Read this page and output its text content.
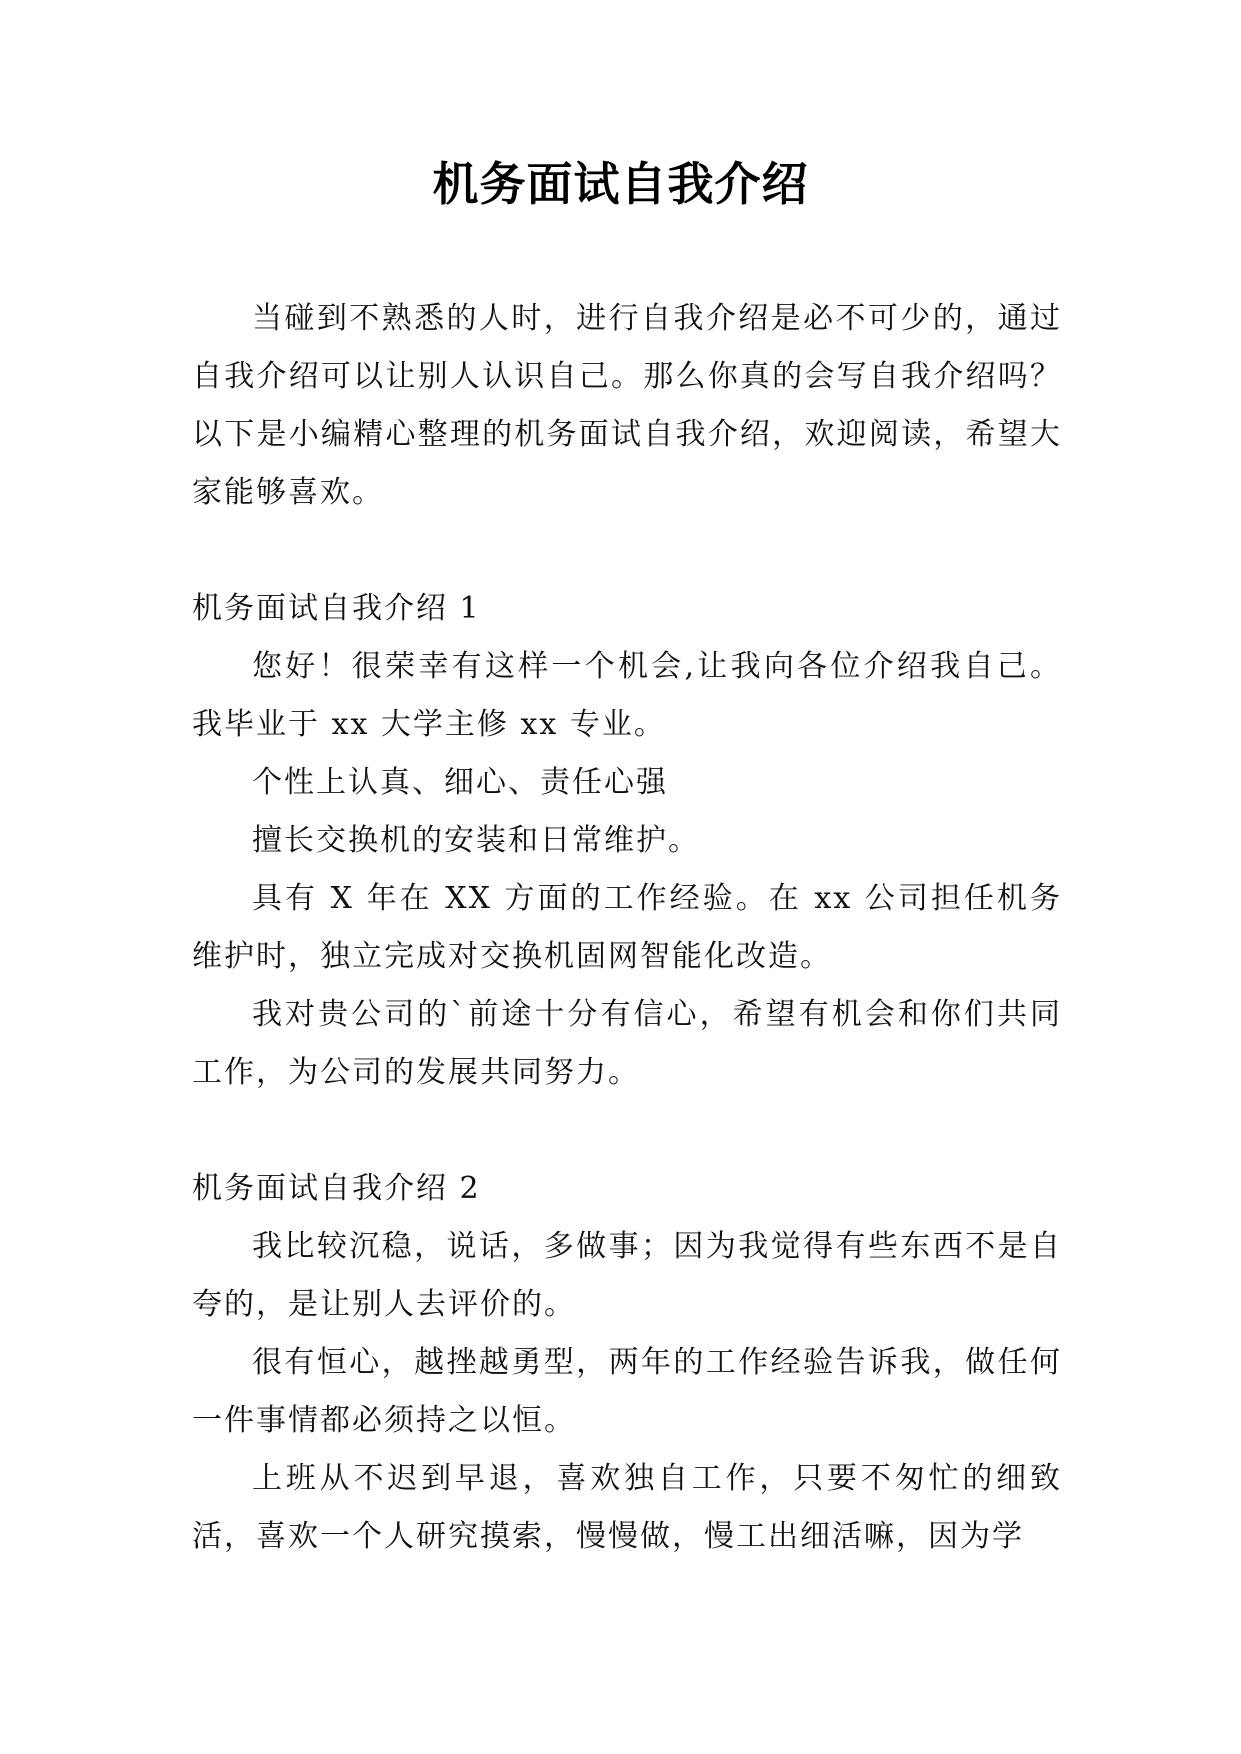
机务面试自我介绍

当碰到不熟悉的人时，进行自我介绍是必不可少的，通过自我介绍可以让别人认识自己。那么你真的会写自我介绍吗？以下是小编精心整理的机务面试自我介绍，欢迎阅读，希望大家能够喜欢。

机务面试自我介绍 1

您好！很荣幸有这样一个机会,让我向各位介绍我自己。我毕业于 xx 大学主修 xx 专业。

个性上认真、细心、责任心强

擅长交换机的安装和日常维护。

具有 X 年在 XX 方面的工作经验。在 xx 公司担任机务维护时，独立完成对交换机固网智能化改造。

我对贵公司的`前途十分有信心，希望有机会和你们共同工作，为公司的发展共同努力。

机务面试自我介绍 2

我比较沉稳，说话，多做事；因为我觉得有些东西不是自夸的，是让别人去评价的。

很有恒心，越挫越勇型，两年的工作经验告诉我，做任何一件事情都必须持之以恒。

上班从不迟到早退，喜欢独自工作，只要不匆忙的细致活，喜欢一个人研究摸索，慢慢做，慢工出细活嘛，因为学
